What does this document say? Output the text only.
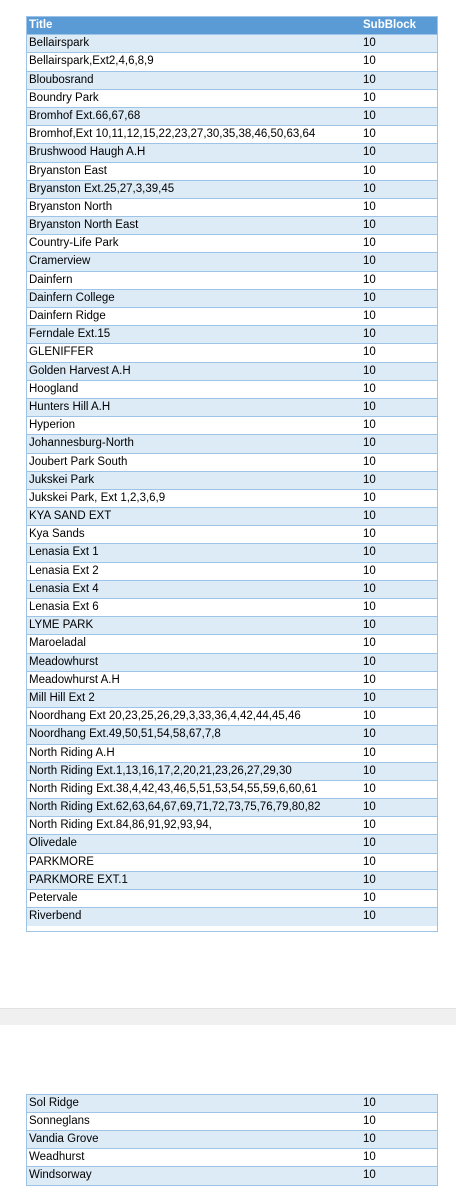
Title	SubBlock
Bellairspark	10
Bellairspark,Ext2,4,6,8,9	10
Bloubosrand	10
Boundry Park	10
Bromhof Ext.66,67,68	10
Bromhof,Ext 10,11,12,15,22,23,27,30,35,38,46,50,63,64	10
Brushwood Haugh A.H	10
Bryanston East	10
Bryanston Ext.25,27,3,39,45	10
Bryanston North	10
Bryanston North East	10
Country-Life Park	10
Cramerview	10
Dainfern	10
Dainfern College	10
Dainfern Ridge	10
Ferndale Ext.15	10
GLENIFFER	10
Golden Harvest A.H	10
Hoogland	10
Hunters Hill A.H	10
Hyperion	10
Johannesburg-North	10
Joubert Park South	10
Jukskei Park	10
Jukskei Park, Ext 1,2,3,6,9	10
KYA SAND EXT	10
Kya Sands	10
Lenasia Ext 1	10
Lenasia Ext 2	10
Lenasia Ext 4	10
Lenasia Ext 6	10
LYME PARK	10
Maroeladal	10
Meadowhurst	10
Meadowhurst A.H	10
Mill Hill Ext 2	10
Noordhang Ext 20,23,25,26,29,3,33,36,4,42,44,45,46	10
Noordhang Ext.49,50,51,54,58,67,7,8	10
North Riding A.H	10
North Riding Ext.1,13,16,17,2,20,21,23,26,27,29,30	10
North Riding Ext.38,4,42,43,46,5,51,53,54,55,59,6,60,61	10
North Riding Ext.62,63,64,67,69,71,72,73,75,76,79,80,82	10
North Riding Ext.84,86,91,92,93,94,	10
Olivedale	10
PARKMORE	10
PARKMORE EXT.1	10
Petervale	10
Riverbend	10
Sol Ridge	10
Sonneglans	10
Vandia Grove	10
Weadhurst	10
Windsorway	10
